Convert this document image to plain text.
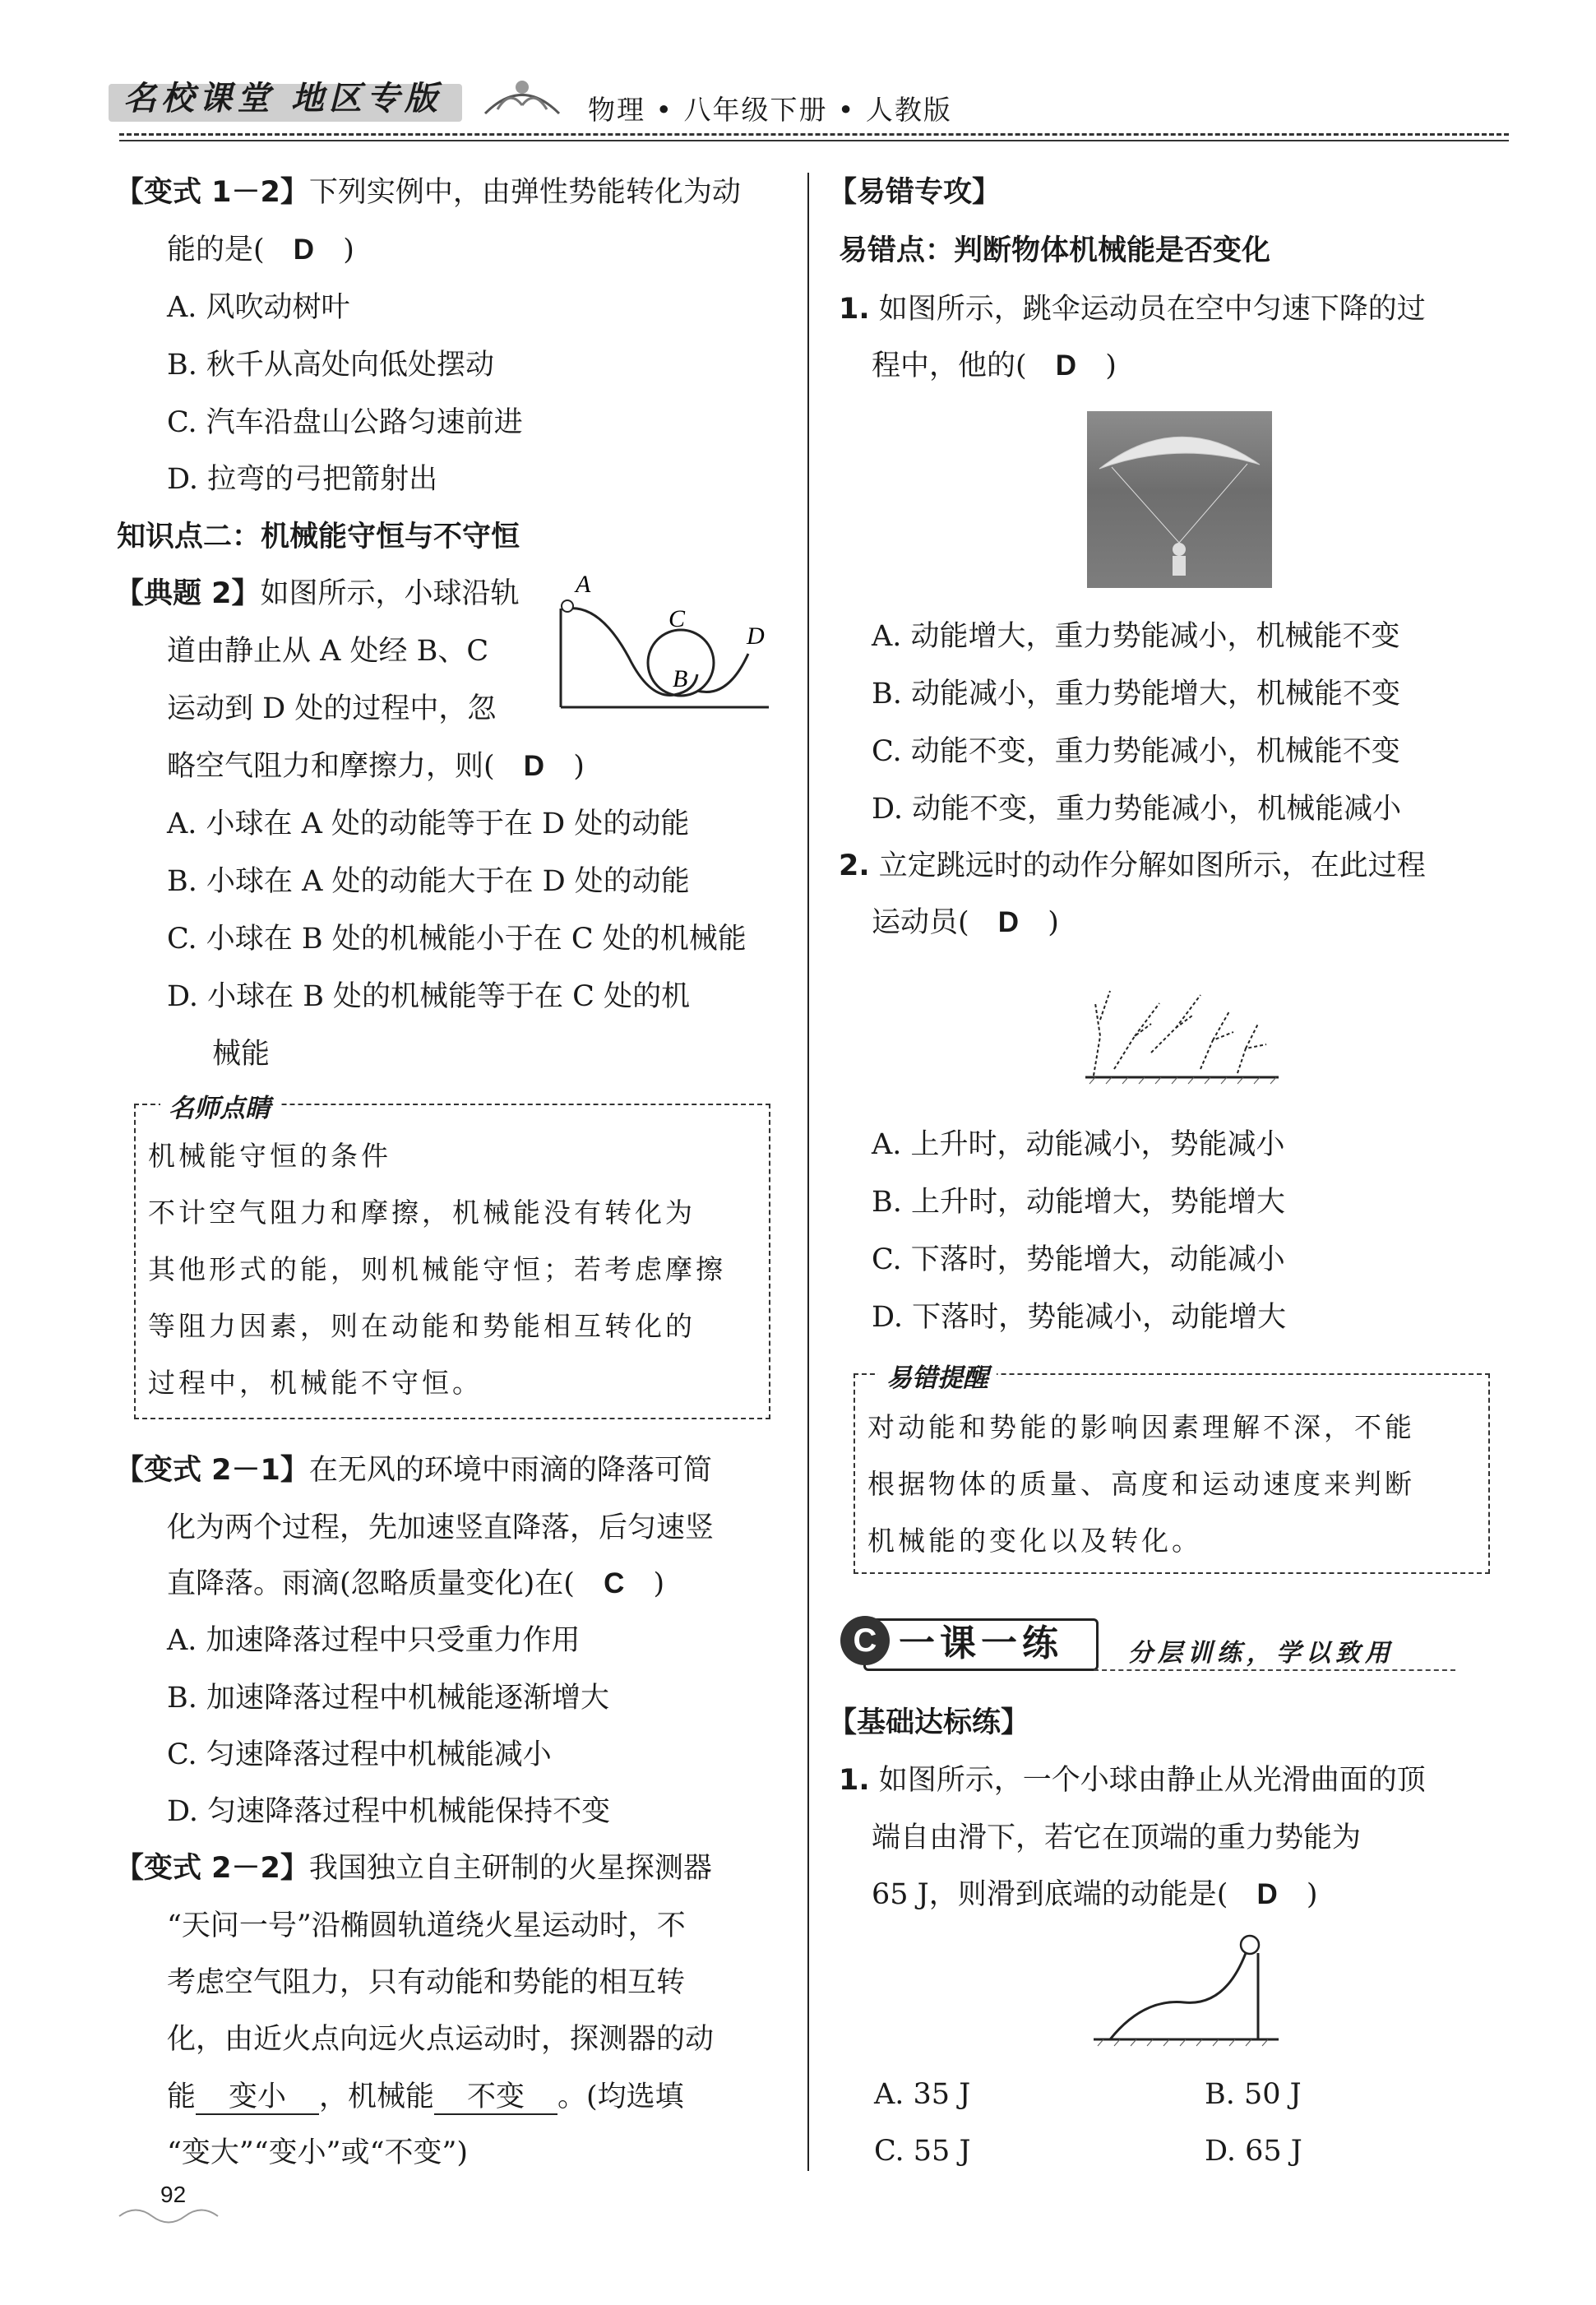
名校课堂 地区专版	物理 • 八年级下册 • 人教版
【变式 1－2】下列实例中，由弹性势能转化为动
能的是( D )
A. 风吹动树叶
B. 秋千从高处向低处摆动
C. 汽车沿盘山公路匀速前进
D. 拉弯的弓把箭射出
知识点二：机械能守恒与不守恒
【典题 2】如图所示，小球沿轨
道由静止从 A 处经 B、C
运动到 D 处的过程中，忽
略空气阻力和摩擦力，则( D )
A
B
C
D
A. 小球在 A 处的动能等于在 D 处的动能
B. 小球在 A 处的动能大于在 D 处的动能
C. 小球在 B 处的机械能小于在 C 处的机械能
D. 小球在 B 处的机械能等于在 C 处的机
械能
名师点睛
机械能守恒的条件
不计空气阻力和摩擦，机械能没有转化为
其他形式的能，则机械能守恒；若考虑摩擦
等阻力因素，则在动能和势能相互转化的
过程中，机械能不守恒。
【变式 2－1】在无风的环境中雨滴的降落可简
化为两个过程，先加速竖直降落，后匀速竖
直降落。雨滴(忽略质量变化)在( C )
A. 加速降落过程中只受重力作用
B. 加速降落过程中机械能逐渐增大
C. 匀速降落过程中机械能减小
D. 匀速降落过程中机械能保持不变
【变式 2－2】我国独立自主研制的火星探测器
“天问一号”沿椭圆轨道绕火星运动时，不
考虑空气阻力，只有动能和势能的相互转
化，由近火点向远火点运动时，探测器的动
能 变小 ，机械能 不变 。(均选填
“变大”“变小”或“不变”)
92
【易错专攻】
易错点：判断物体机械能是否变化
1. 如图所示，跳伞运动员在空中匀速下降的过
程中，他的( D )
A. 动能增大，重力势能减小，机械能不变
B. 动能减小，重力势能增大，机械能不变
C. 动能不变，重力势能减小，机械能不变
D. 动能不变，重力势能减小，机械能减小
2. 立定跳远时的动作分解如图所示，在此过程
运动员( D )
A. 上升时，动能减小，势能减小
B. 上升时，动能增大，势能增大
C. 下落时，势能增大，动能减小
D. 下落时，势能减小，动能增大
易错提醒
对动能和势能的影响因素理解不深，不能
根据物体的质量、高度和运动速度来判断
机械能的变化以及转化。
一课一练
C	分层训练，学以致用
【基础达标练】
1. 如图所示，一个小球由静止从光滑曲面的顶
端自由滑下，若它在顶端的重力势能为
65 J，则滑到底端的动能是( D )
A. 35 J	B. 50 J
C. 55 J	D. 65 J
